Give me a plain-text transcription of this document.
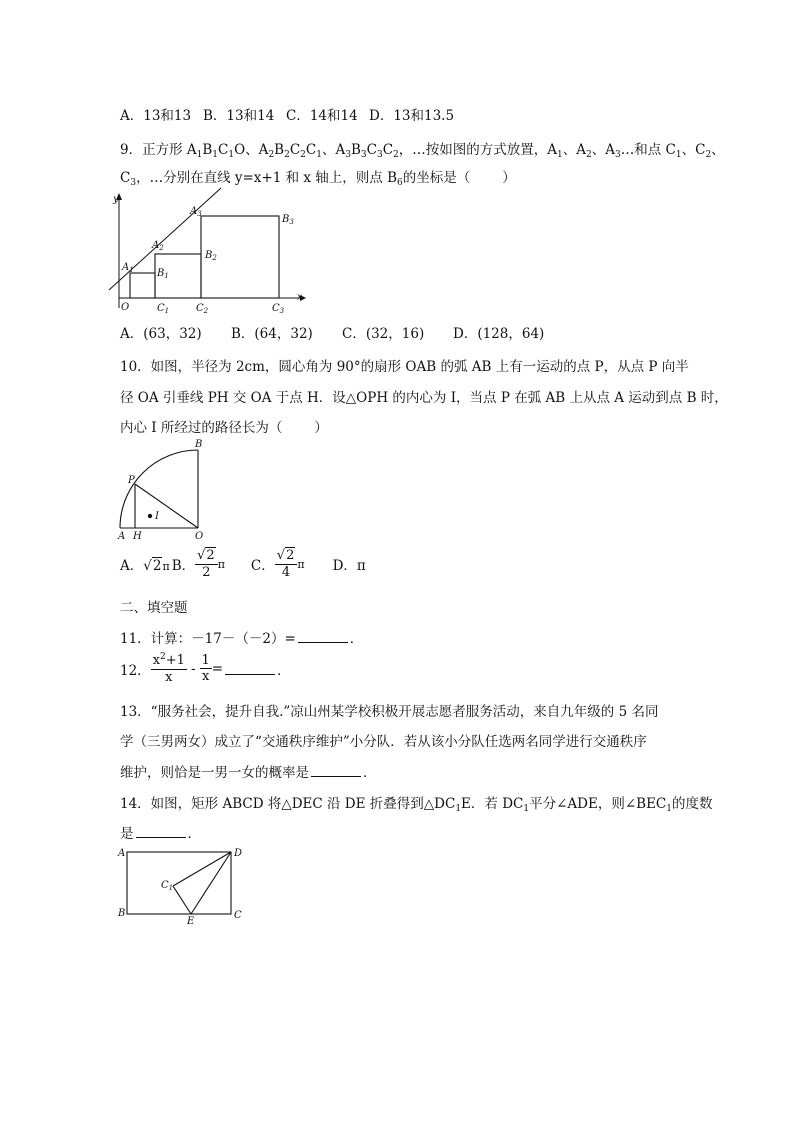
A．13和13 B．13和14 C．14和14 D．13和13.5
9．正方形 $A_1B_1C_1O$、$A_2B_2C_2C_1$、$A_3B_3C_3C_2$，…按如图的方式放置，$A_1$、$A_2$、$A_3\dots$和点 $C_1$、$C_2$、
$C_3$，…分别在直线 y=x+1 和 x 轴上，则点 $B_6$的坐标是（ ）
y
x
O
$A_1$
$A_2$
$A_3$
$B_1$
$B_2$
$B_3$
$C_1$	$C_2$	$C_3$
A．(63，32) B．(64，32) C．(32，16) D．(128，64)
10．如图，半径为 2cm，圆心角为 90°的扇形 OAB 的弧 AB 上有一运动的点 P，从点 P 向半
径 OA 引垂线 PH 交 OA 于点 H．设△OPH 的内心为 I，当点 P 在弧 AB 上从点 A 运动到点 B 时，
内心 I 所经过的路径长为（ ）
B
P
I
A H	O
A．√2π B． $\frac{√2}{2}$ π C． $\frac{√2}{4}$ π D．π
二、填空题
11．计算：－17－（－2）=	．
12． $\frac{x^2+1}{x} - \frac{1}{x}$ =	．
13．“服务社会，提升自我.”凉山州某学校积极开展志愿者服务活动，来自九年级的 5 名同
学（三男两女）成立了“交通秩序维护”小分队．若从该小分队任选两名同学进行交通秩序
维护，则恰是一男一女的概率是	．
14．如图，矩形 ABCD 将△DEC 沿 DE 折叠得到$\triangle DC_1E$．若 $DC_1$平分∠ADE，则$\angle BEC_1$的度数
是	．
A	D
B	C
E
$C_1$
